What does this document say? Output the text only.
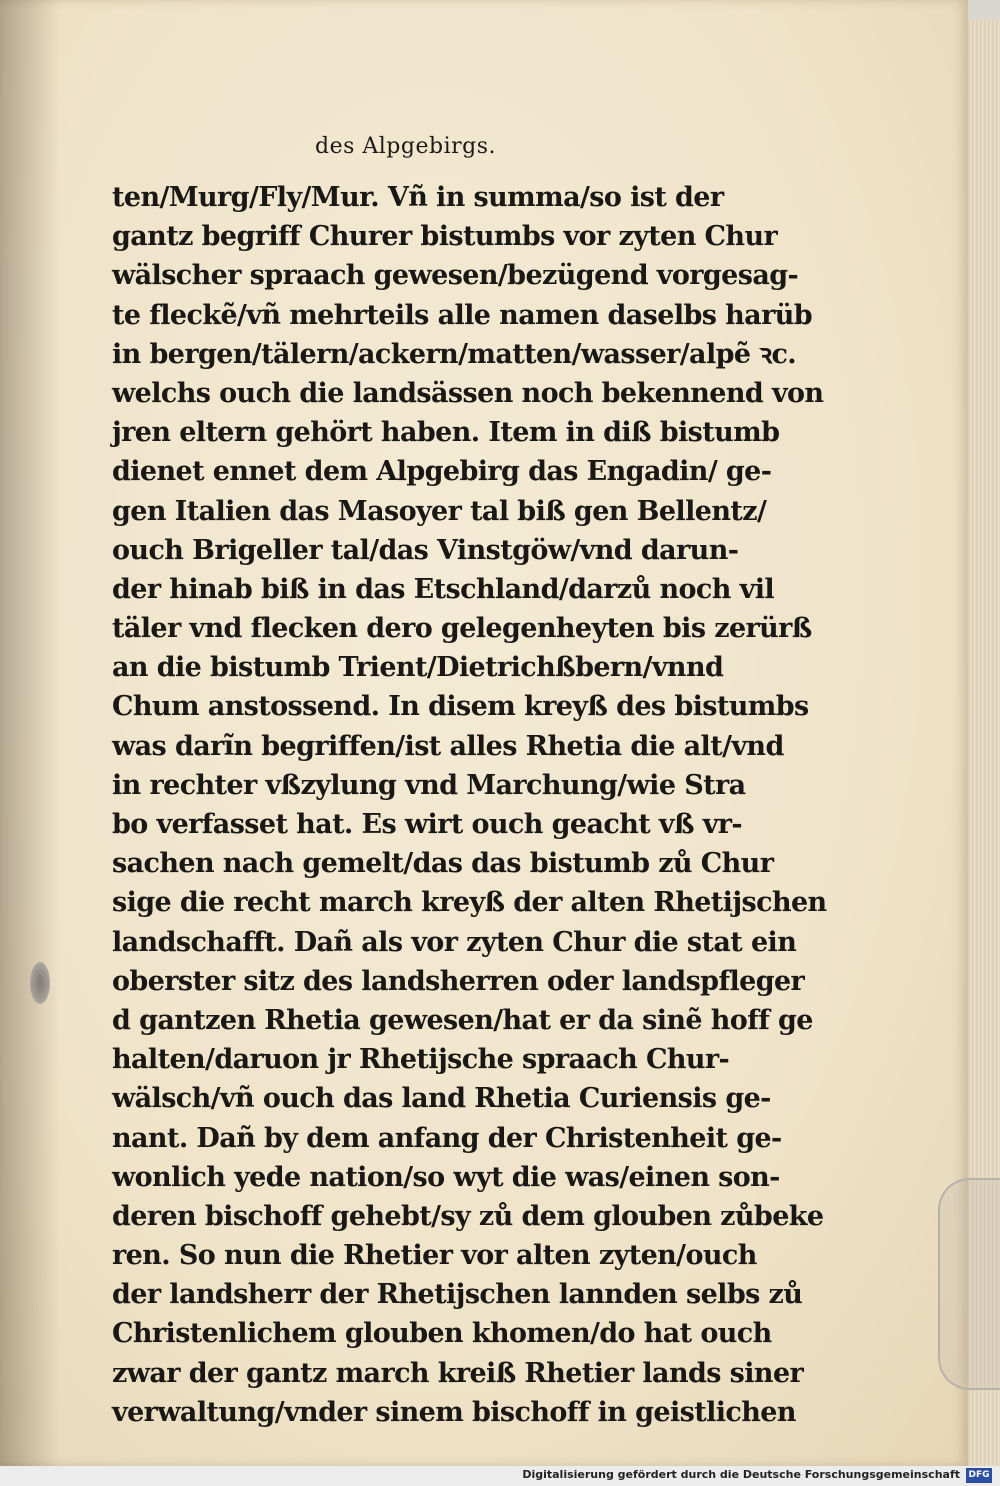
des Alpgebirgs.
ten/Murg/Fly/Mur. Vñ in summa/so ist der
gantz begriff Churer bistumbs vor zyten Chur
wälscher spraach gewesen/bezügend vorgesag-
te fleckẽ/vñ mehrteils alle namen daselbs harüb
in bergen/tälern/ackern/matten/wasser/alpẽ ꝛc.
welchs ouch die landsässen noch bekennend von
jren eltern gehört haben. Item in diß bistumb
dienet ennet dem Alpgebirg das Engadin/ ge-
gen Italien das Masoyer tal biß gen Bellentz/
ouch Brigeller tal/das Vinstgöw/vnd darun-
der hinab biß in das Etschland/darzů noch vil
täler vnd flecken dero gelegenheyten bis zerürß
an die bistumb Trient/Dietrichßbern/vnnd
Chum anstossend. In disem kreyß des bistumbs
was darĩn begriffen/ist alles Rhetia die alt/vnd
in rechter vßzylung vnd Marchung/wie Stra
bo verfasset hat. Es wirt ouch geacht vß vr-
sachen nach gemelt/das das bistumb zů Chur
sige die recht march kreyß der alten Rhetijschen
landschafft. Dañ als vor zyten Chur die stat ein
oberster sitz des landsherren oder landspfleger
d gantzen Rhetia gewesen/hat er da sinẽ hoff ge
halten/daruon jr Rhetijsche spraach Chur-
wälsch/vñ ouch das land Rhetia Curiensis ge-
nant. Dañ by dem anfang der Christenheit ge-
wonlich yede nation/so wyt die was/einen son-
deren bischoff gehebt/sy zů dem glouben zůbeke
ren. So nun die Rhetier vor alten zyten/ouch
der landsherr der Rhetijschen lannden selbs zů
Christenlichem glouben khomen/do hat ouch
zwar der gantz march kreiß Rhetier lands siner
verwaltung/vnder sinem bischoff in geistlichen
Digitalisierung gefördert durch die Deutsche Forschungsgemeinschaft DFG
